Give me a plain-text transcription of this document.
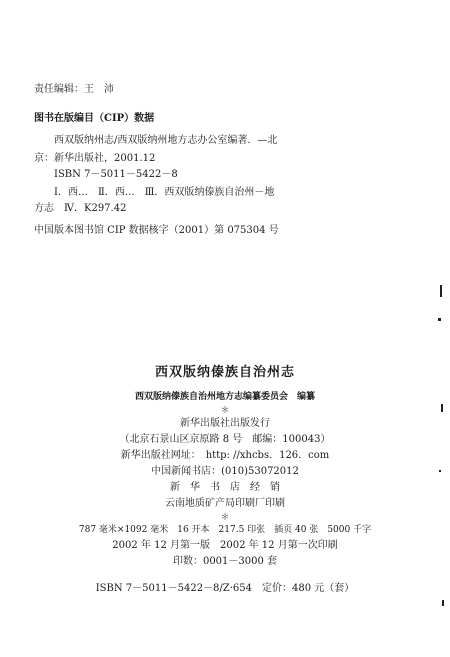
责任编辑：王　沛
图书在版编目（CIP）数据
西双版纳州志/西双版纳州地方志办公室编著．—北
京：新华出版社，2001.12
ISBN 7－5011－5422－8
Ⅰ．西…　Ⅱ．西…　Ⅲ．西双版纳傣族自治州－地
方志　Ⅳ．K297.42
中国版本图书馆 CIP 数据核字（2001）第 075304 号
西双版纳傣族自治州志
西双版纳傣族自治州地方志编纂委员会　编纂
＊
新华出版社出版发行
（北京石景山区京原路 8 号　邮编：100043）
新华出版社网址：　http: //xhcbs．126．com
中国新闻书店：(010)53072012
新　华　书　店　经　销
云南地质矿产局印刷厂印刷
＊
787 毫米×1092 毫米　16 开本　217.5 印张　插页 40 张　5000 千字
2002 年 12 月第一版　2002 年 12 月第一次印刷
印数：0001－3000 套
ISBN 7－5011－5422－8/Z·654　定价：480 元（套）
